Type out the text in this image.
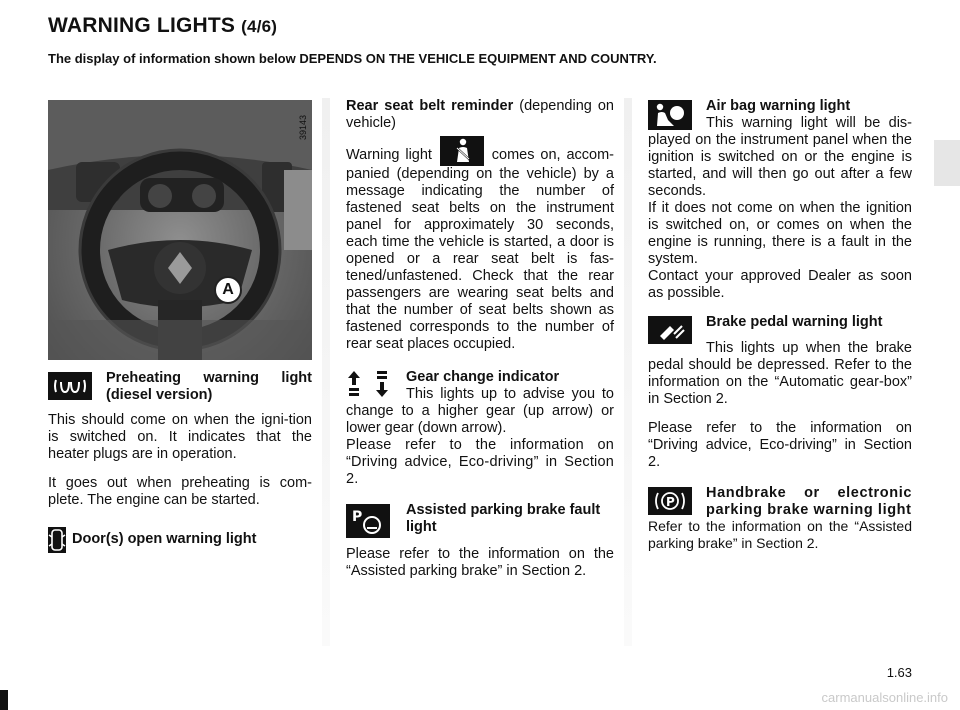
WARNING LIGHTS (4/6)
The display of information shown below DEPENDS ON THE VEHICLE EQUIPMENT AND COUNTRY.
A
39143
Preheating warning light (diesel version)

This should come on when the igni-tion is switched on. It indicates that the heater plugs are in operation.

It goes out when preheating is com-plete. The engine can be started.

Door(s) open warning light

Rear seat belt reminder (depending on vehicle)

Warning light	comes on, accom-panied (depending on the vehicle) by a message indicating the number of fastened seat belts on the instrument panel for approximately 30 seconds, each time the vehicle is started, a door is opened or a rear seat belt is fas-tened/unfastened. Check that the rear passengers are wearing seat belts and that the number of seat belts shown as fastened corresponds to the number of rear seat places occupied.

Gear change indicator

This lights up to advise you to change to a higher gear (up arrow) or lower gear (down arrow).

Please refer to the information on “Driving advice, Eco-driving” in Section 2.

P	Assisted parking brake fault light

Please refer to the information on the “Assisted parking brake” in Section 2.

Air bag warning light

This warning light will be dis-played on the instrument panel when the ignition is switched on or the engine is started, and will then go out after a few seconds.

If it does not come on when the ignition is switched on, or comes on when the engine is running, there is a fault in the system.

Contact your approved Dealer as soon as possible.

Brake pedal warning light

This lights up when the brake pedal should be depressed. Refer to the information on the “Automatic gear-box” in Section 2.

Please refer to the information on “Driving advice, Eco-driving” in Section 2.

P
Handbrake or electronic parking brake warning light

Refer to the information on the “Assisted parking brake” in Section 2.

1.63
carmanualsonline.info
